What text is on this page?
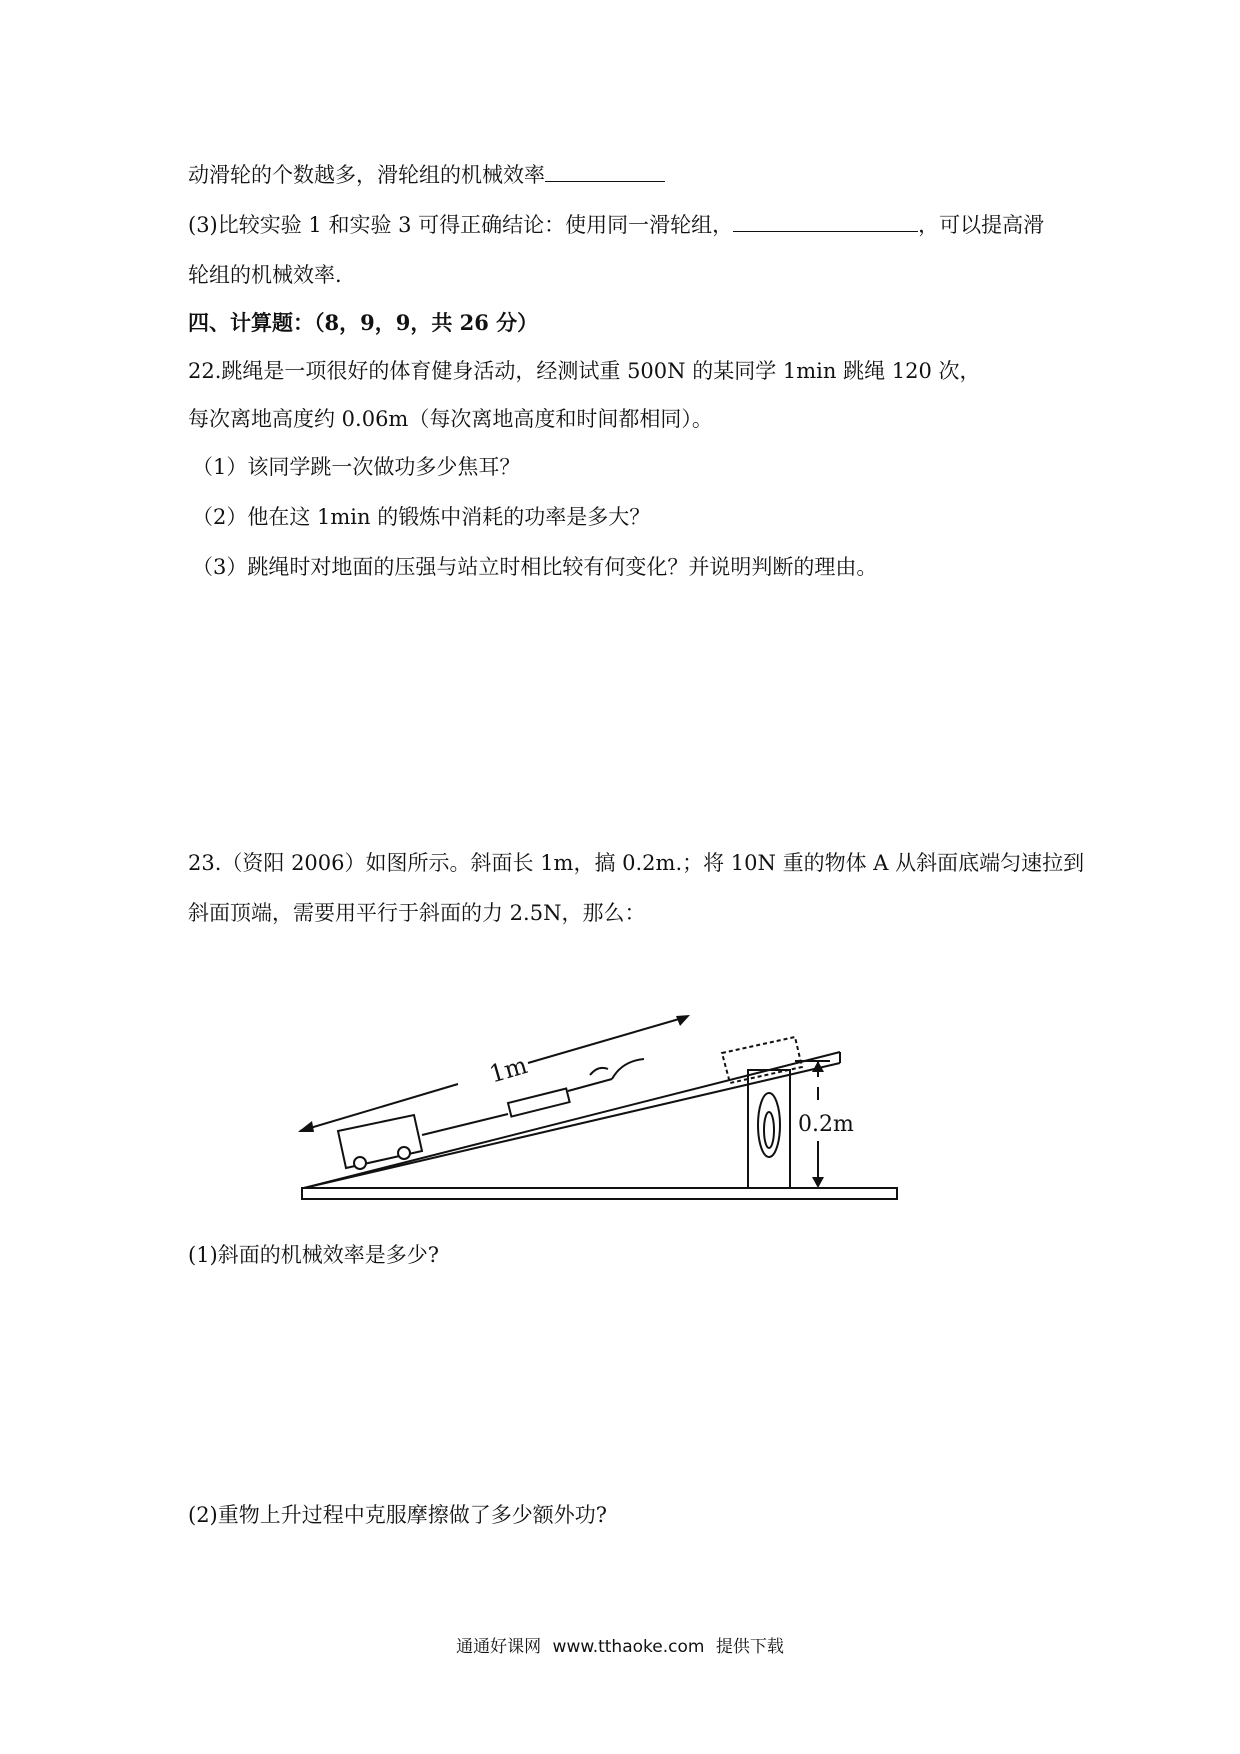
动滑轮的个数越多，滑轮组的机械效率
(3)比较实验 1 和实验 3 可得正确结论：使用同一滑轮组，	，可以提高滑
轮组的机械效率.
四、计算题：（8，9，9，共 26 分）
22.跳绳是一项很好的体育健身活动，经测试重 500N 的某同学 1min 跳绳 120 次，
每次离地高度约 0.06m（每次离地高度和时间都相同）。
（1）该同学跳一次做功多少焦耳？
（2）他在这 1min 的锻炼中消耗的功率是多大？
（3）跳绳时对地面的压强与站立时相比较有何变化？并说明判断的理由。
23.（资阳 2006）如图所示。斜面长 1m，搞 0.2m.；将 10N 重的物体 A 从斜面底端匀速拉到
斜面顶端，需要用平行于斜面的力 2.5N，那么：
1m
0.2m
(1)斜面的机械效率是多少?
(2)重物上升过程中克服摩擦做了多少额外功?
通通好课网 www.tthaoke.com 提供下载
